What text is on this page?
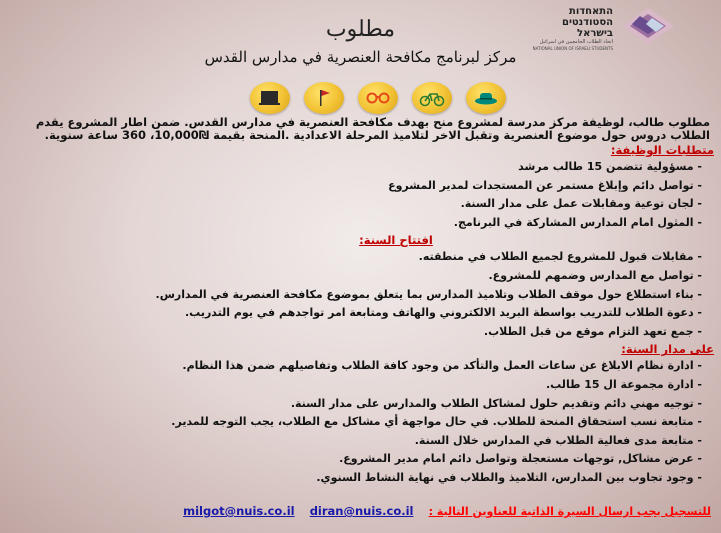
התאחדות
הסטודנטים
בישראל
اتحاد الطلاب الجامعيين في اسرائيل
NATIONAL UNION OF ISRAELI STUDENTS
مطلوب
مركز لبرنامج مكافحة العنصرية في مدارس القدس
مطلوب طالب، لوظيفة مركز مدرسة لمشروع منح بهدف مكافحة العنصرية في مدارس القدس. ضمن اطار المشروع يقدم الطلاب دروس حول موضوع العنصرية وتقبل الاخر لتلاميذ المرحلة الاعدادية .المنحة بقيمة ₪10,000، 360 ساعة سنوية.
متطلبات الوظيفة:
- مسؤولية تتضمن 15 طالب مرشد
- تواصل دائم وإبلاغ مستمر عن المستجدات لمدير المشروع
- لجان توعية ومقابلات عمل على مدار السنة.
- المثول امام المدارس المشاركة في البرنامج.
افتتاح السنة:
- مقابلات قبول للمشروع لجميع الطلاب في منطقته.
- تواصل مع المدارس وضمهم للمشروع.
- بناء استطلاع حول موقف الطلاب وتلاميذ المدارس بما يتعلق بموضوع مكافحة العنصرية في المدارس.
- دعوة الطلاب للتدريب بواسطة البريد الالكتروني والهاتف ومتابعة امر تواجدهم في يوم التدريب.
- جمع تعهد التزام موقع من قبل الطلاب.
على مدار السنة:
- ادارة نظام الابلاغ عن ساعات العمل والتأكد من وجود كافة الطلاب وتفاصيلهم ضمن هذا النظام.
- ادارة مجموعة ال 15 طالب.
- توجيه مهني دائم وتقديم حلول لمشاكل الطلاب والمدارس على مدار السنة.
- متابعة نسب استحقاق المنحة للطلاب. في حال مواجهة أي مشاكل مع الطلاب، يجب التوجه للمدير.
- متابعة مدى فعالية الطلاب في المدارس خلال السنة.
- عرض مشاكل, توجهات مستعجلة وتواصل دائم امام مدير المشروع.
- وجود تجاوب بين المدارس، التلاميذ والطلاب في نهاية النشاط السنوي.
للتسجيل يجب ارسال السيرة الذاتية للعناوين التالية : milgot@nuis.co.il diran@nuis.co.il
